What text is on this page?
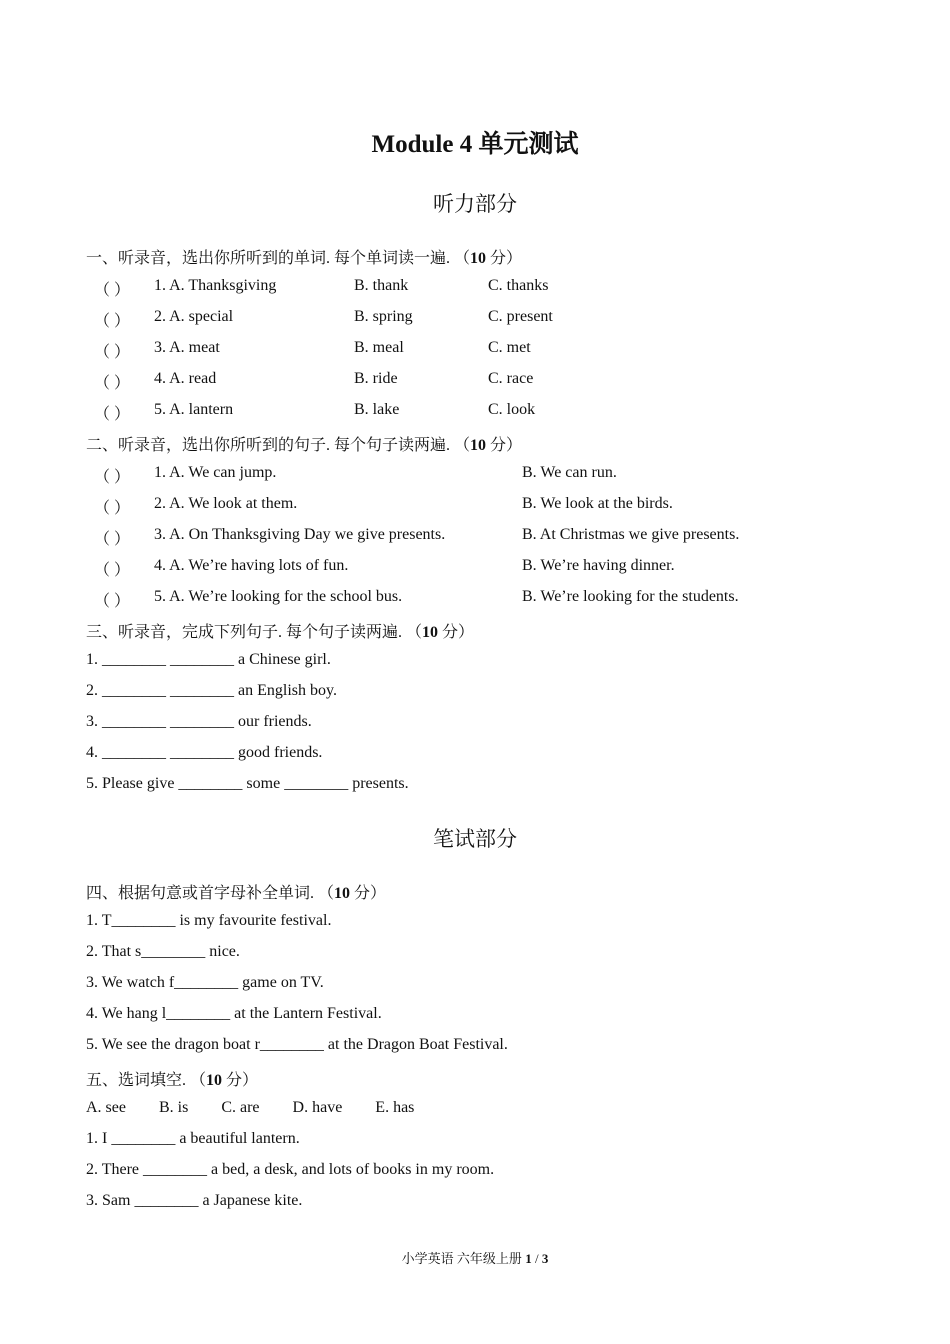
Module 4 单元测试
听力部分
一、听录音，选出你所听到的单词. 每个单词读一遍. （10 分）
（ ） 1. A. Thanksgiving	B. thank	C. thanks
（ ） 2. A. special	B. spring	C. present
（ ） 3. A. meat	B. meal	C. met
（ ） 4. A. read	B. ride	C. race
（ ） 5. A. lantern	B. lake	C. look
二、听录音，选出你所听到的句子. 每个句子读两遍. （10 分）
（ ） 1. A. We can jump.	B. We can run.
（ ） 2. A. We look at them.	B. We look at the birds.
（ ） 3. A. On Thanksgiving Day we give presents.	B. At Christmas we give presents.
（ ） 4. A. We’re having lots of fun.	B. We’re having dinner.
（ ） 5. A. We’re looking for the school bus.	B. We’re looking for the students.
三、听录音，完成下列句子. 每个句子读两遍. （10 分）
1. ________ ________ a Chinese girl.
2. ________ ________ an English boy.
3. ________ ________ our friends.
4. ________ ________ good friends.
5. Please give ________ some ________ presents.
笔试部分
四、根据句意或首字母补全单词. （10 分）
1. T________ is my favourite festival.
2. That s________ nice.
3. We watch f________ game on TV.
4. We hang l________ at the Lantern Festival.
5. We see the dragon boat r________ at the Dragon Boat Festival.
五、选词填空. （10 分）
A. see B. is C. are D. have E. has
1. I ________ a beautiful lantern.
2. There ________ a bed, a desk, and lots of books in my room.
3. Sam ________ a Japanese kite.
小学英语 六年级上册 1 / 3
